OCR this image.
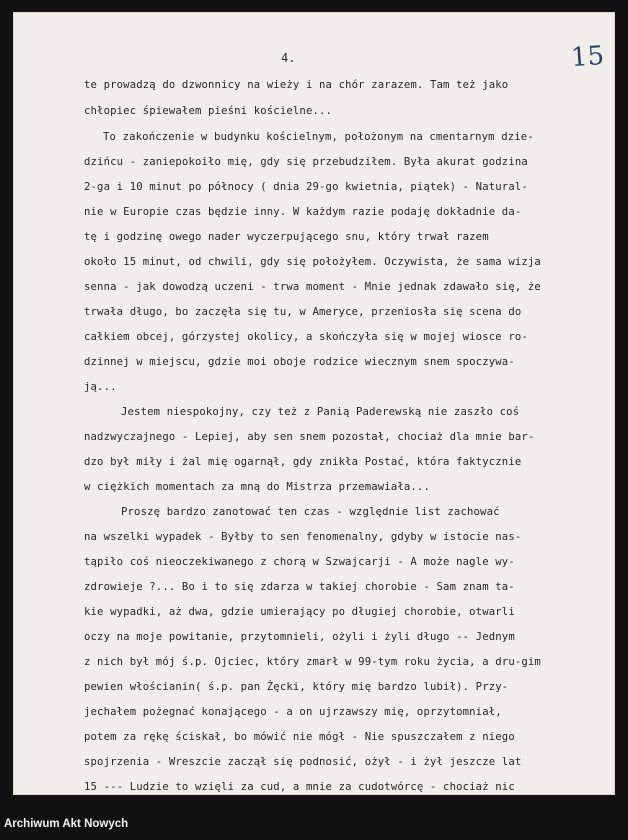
15

4.

te prowadzą do dzwonnicy na wieży i na chór zarazem. Tam też jako

chłopiec śpiewałem pieśni kościelne...

To zakończenie w budynku kościelnym, położonym na cmentarnym dzie-

dzińcu - zaniepokoiło mię, gdy się przebudziłem. Była akurat godzina

2-ga i 10 minut po północy ( dnia 29-go kwietnia, piątek) - Natural-

nie w Europie czas będzie inny. W każdym razie podaję dokładnie da-

tę i godzinę owego nader wyczerpującego snu, który trwał razem

około 15 minut, od chwili, gdy się położyłem. Oczywista, że sama wizja

senna - jak dowodzą uczeni - trwa moment - Mnie jednak zdawało się, że

trwała długo, bo zaczęła się tu, w Ameryce, przeniosła się scena do

całkiem obcej, górzystej okolicy, a skończyła się w mojej wiosce ro-

dzinnej w miejscu, gdzie moi oboje rodzice wiecznym snem spoczywa-

ją...

Jestem niespokojny, czy też z Panią Paderewską nie zaszło coś

nadzwyczajnego - Lepiej, aby sen snem pozostał, chociaż dla mnie bar-

dzo był miły i żal mię ogarnął, gdy znikła Postać, która faktycznie

w ciężkich momentach za mną do Mistrza przemawiała...

Proszę bardzo zanotować ten czas - względnie list zachować

na wszelki wypadek - Byłby to sen fenomenalny, gdyby w istocie nas-

tąpiło coś nieoczekiwanego z chorą w Szwajcarji - A może nagle wy-

zdrowieje ?... Bo i to się zdarza w takiej chorobie - Sam znam ta-

kie wypadki, aż dwa, gdzie umierający po długiej chorobie, otwarli

oczy na moje powitanie, przytomnieli, ożyli i żyli długo -- Jednym

z nich był mój ś.p. Ojciec, który zmarł w 99-tym roku życia, a dru-gim

pewien włościanin( ś.p. pan Żęcki, który mię bardzo lubił). Przy-

jechałem pożegnać konającego - a on ujrzawszy mię, oprzytomniał,

potem za rękę ściskał, bo mówić nie mógł - Nie spuszczałem z niego

spojrzenia - Wreszcie zaczął się podnosić, ożył - i żył jeszcze lat

15 --- Ludzie to wzięli za cud, a mnie za cudotwórcę - chociaż nic

Archiwum Akt Nowych
